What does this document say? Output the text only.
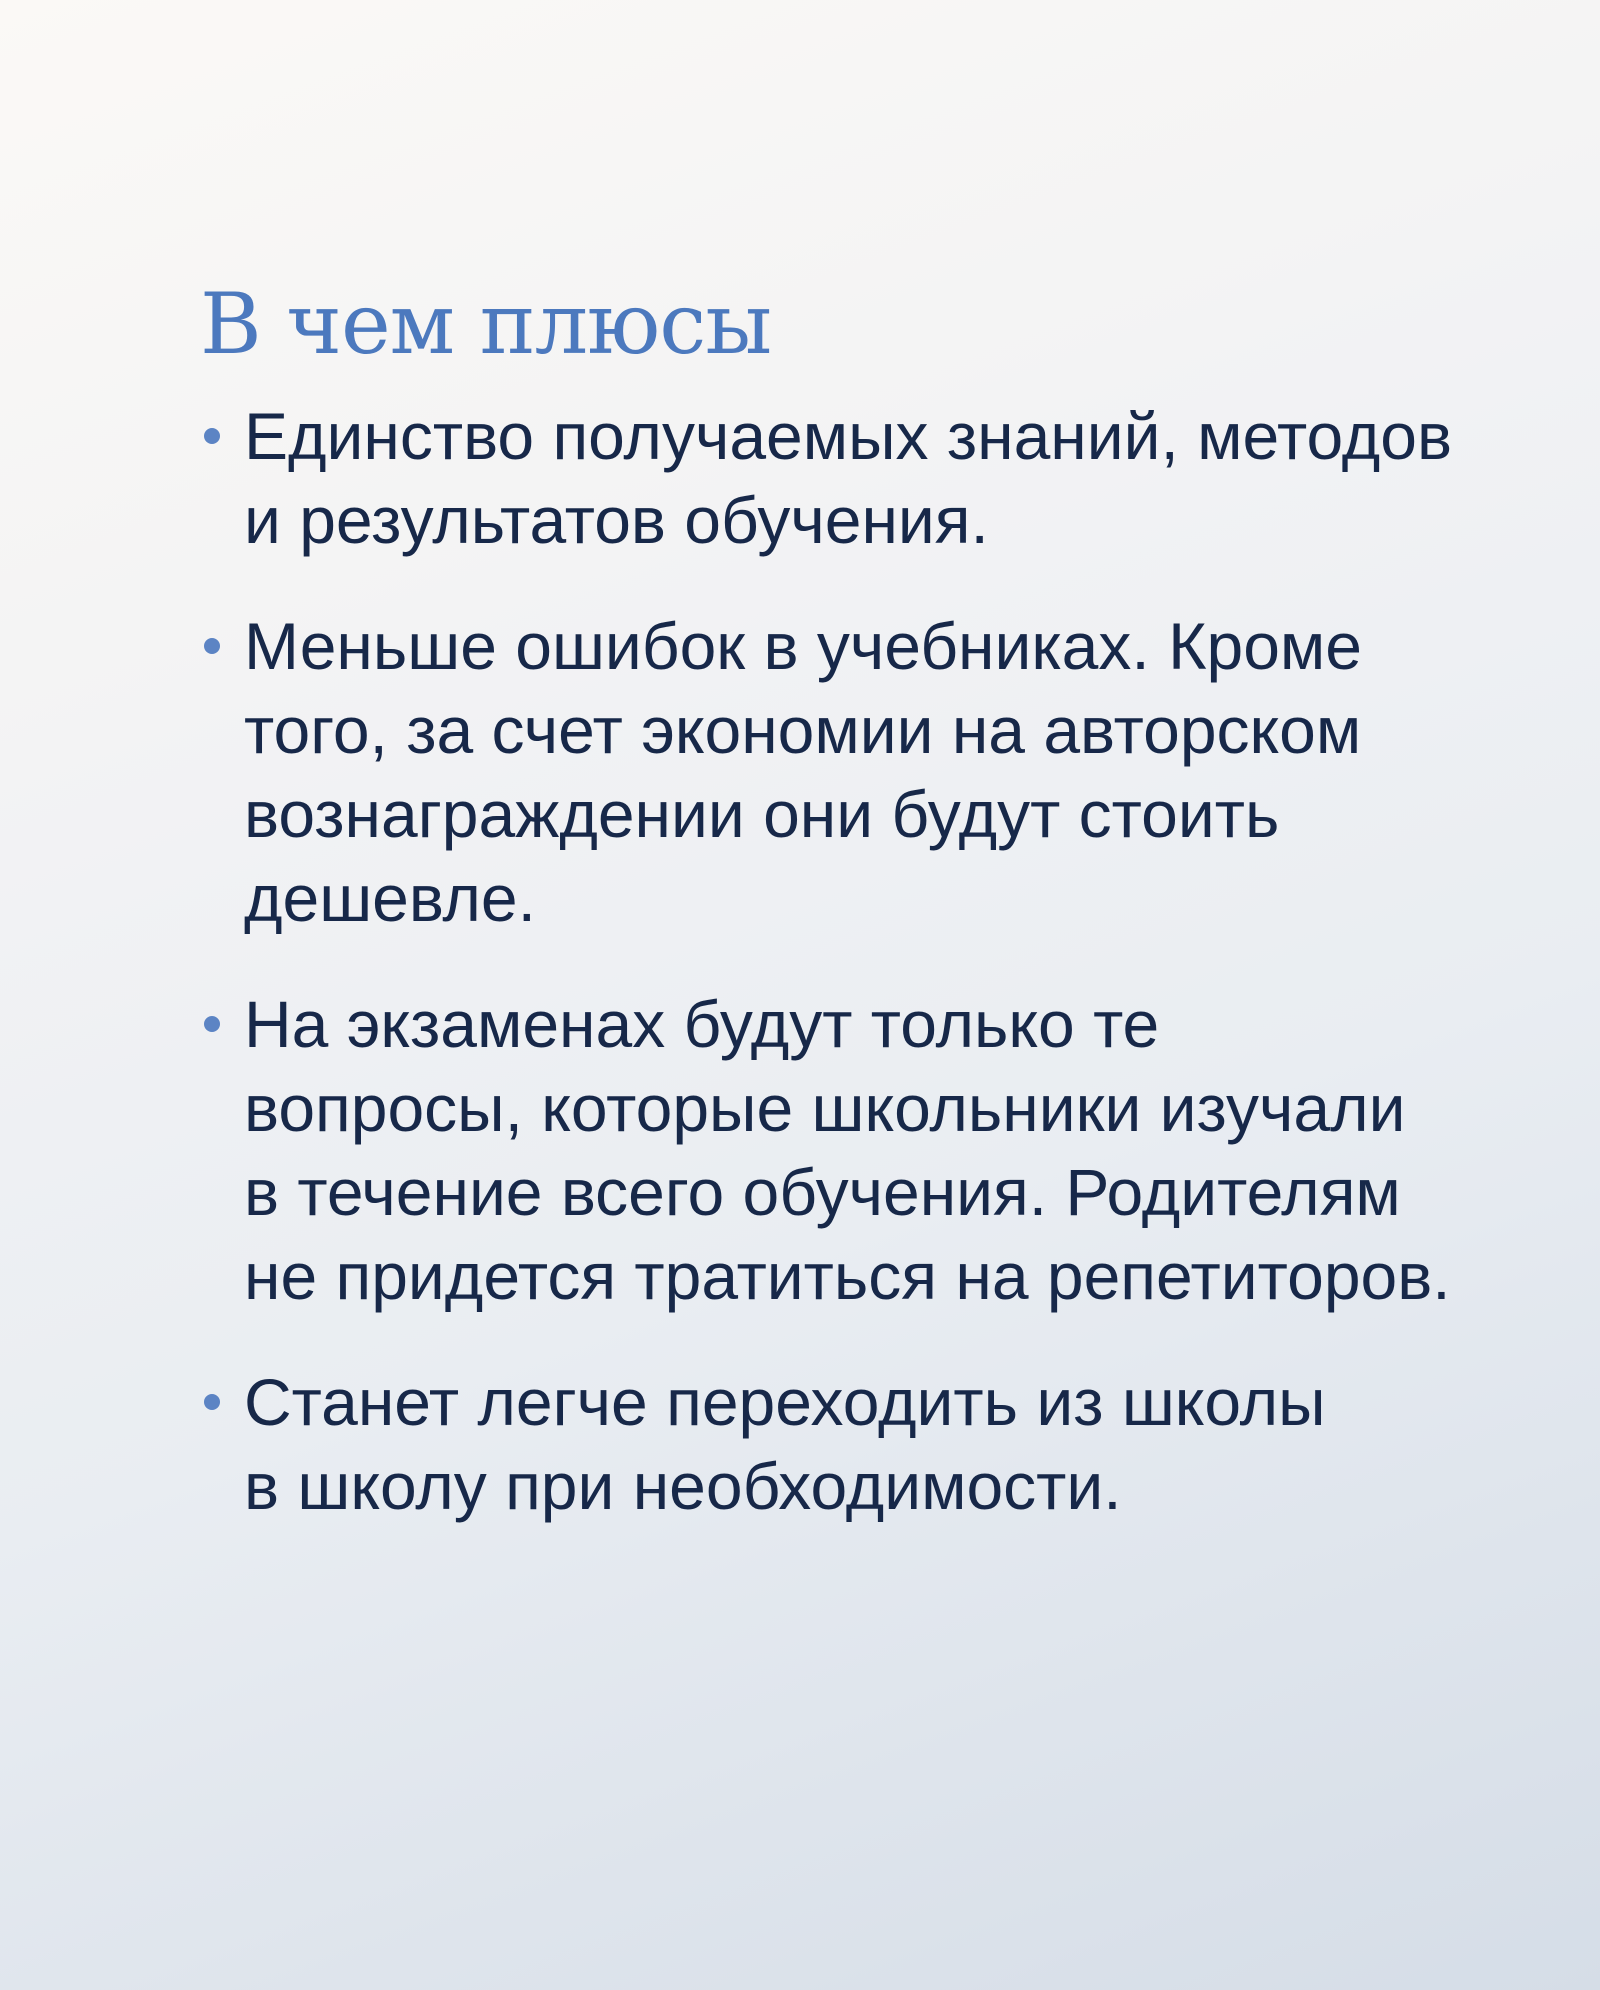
В чем плюсы

Единство получаемых знаний, методов
и результатов обучения.

Меньше ошибок в учебниках. Кроме
того, за счет экономии на авторском
вознаграждении они будут стоить
дешевле.

На экзаменах будут только те
вопросы, которые школьники изучали
в течение всего обучения. Родителям
не придется тратиться на репетиторов.

Станет легче переходить из школы
в школу при необходимости.
